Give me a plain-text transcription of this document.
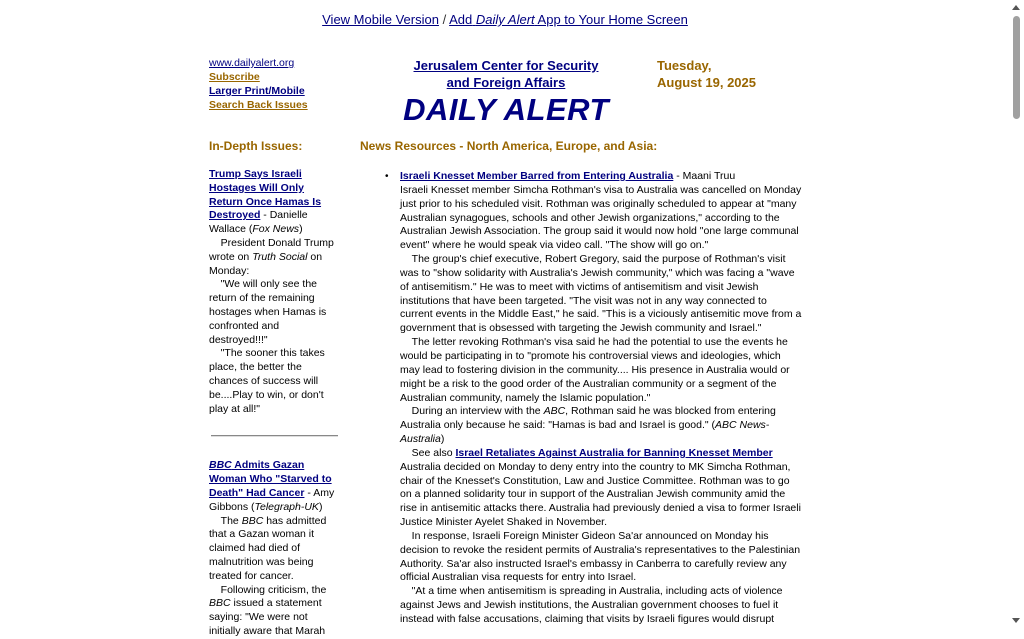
View Mobile Version / Add Daily Alert App to Your Home Screen
www.dailyalert.org
Subscribe
Larger Print/Mobile
Search Back Issues
Jerusalem Center for Security
and Foreign Affairs
Tuesday,
August 19, 2025
DAILY ALERT
In-Depth Issues:	News Resources - North America, Europe, and Asia:

Trump Says Israeli Hostages Will Only Return Once Hamas Is Destroyed - Danielle Wallace (Fox News)

President Donald Trump wrote on Truth Social on Monday:

"We will only see the return of the remaining hostages when Hamas is confronted and destroyed!!!"

"The sooner this takes place, the better the chances of success will be....Play to win, or don't play at all!"

BBC Admits Gazan Woman Who "Starved to Death" Had Cancer - Amy Gibbons (Telegraph-UK)

The BBC has admitted that a Gazan woman it claimed had died of malnutrition was being treated for cancer.

Following criticism, the BBC issued a statement saying: "We were not initially aware that Marah

• Israeli Knesset Member Barred from Entering Australia - Maani Truu

Israeli Knesset member Simcha Rothman's visa to Australia was cancelled on Monday just prior to his scheduled visit. Rothman was originally scheduled to appear at "many Australian synagogues, schools and other Jewish organizations," according to the Australian Jewish Association. The group said it would now hold "one large communal event" where he would speak via video call. "The show will go on."

The group's chief executive, Robert Gregory, said the purpose of Rothman's visit was to "show solidarity with Australia's Jewish community," which was facing a "wave of antisemitism." He was to meet with victims of antisemitism and visit Jewish institutions that have been targeted. "The visit was not in any way connected to current events in the Middle East," he said. "This is a viciously antisemitic move from a government that is obsessed with targeting the Jewish community and Israel."

The letter revoking Rothman's visa said he had the potential to use the events he would be participating in to "promote his controversial views and ideologies, which may lead to fostering division in the community.... His presence in Australia would or might be a risk to the good order of the Australian community or a segment of the Australian community, namely the Islamic population."

During an interview with the ABC, Rothman said he was blocked from entering Australia only because he said: "Hamas is bad and Israel is good." (ABC News-Australia)

See also Israel Retaliates Against Australia for Banning Knesset Member

Australia decided on Monday to deny entry into the country to MK Simcha Rothman, chair of the Knesset's Constitution, Law and Justice Committee. Rothman was to go on a planned solidarity tour in support of the Australian Jewish community amid the rise in antisemitic attacks there. Australia had previously denied a visa to former Israeli Justice Minister Ayelet Shaked in November.

In response, Israeli Foreign Minister Gideon Sa'ar announced on Monday his decision to revoke the resident permits of Australia's representatives to the Palestinian Authority. Sa'ar also instructed Israel's embassy in Canberra to carefully review any official Australian visa requests for entry into Israel.

"At a time when antisemitism is spreading in Australia, including acts of violence against Jews and Jewish institutions, the Australian government chooses to fuel it instead with false accusations, claiming that visits by Israeli figures would disrupt
